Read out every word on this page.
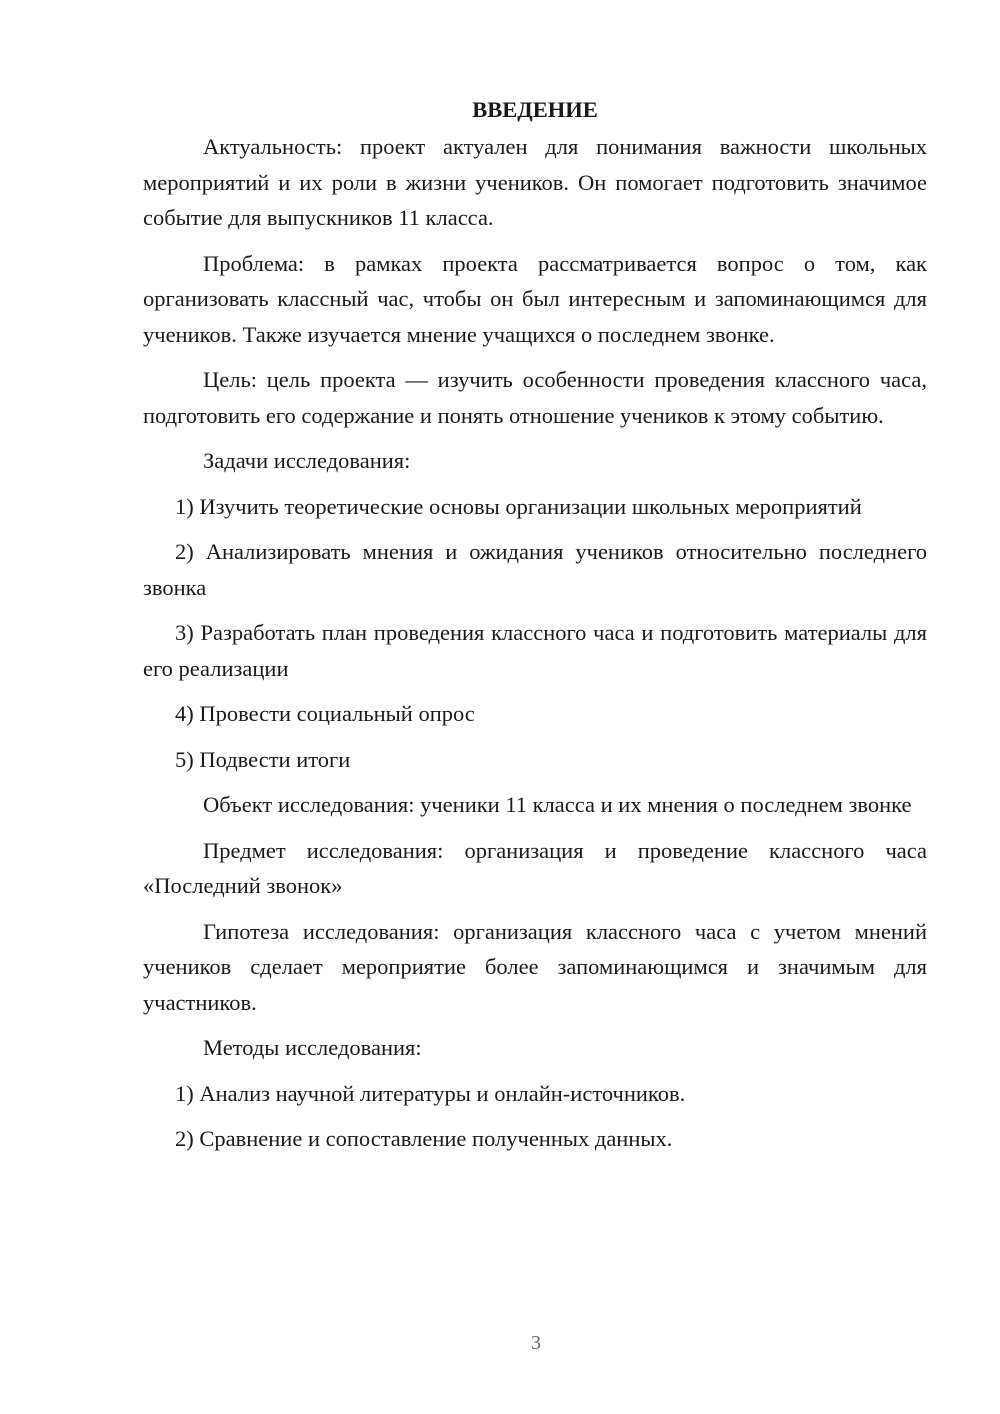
ВВЕДЕНИЕ

Актуальность: проект актуален для понимания важности школьных мероприятий и их роли в жизни учеников. Он помогает подготовить значимое событие для выпускников 11 класса.

Проблема: в рамках проекта рассматривается вопрос о том, как организовать классный час, чтобы он был интересным и запоминающимся для учеников. Также изучается мнение учащихся о последнем звонке.

Цель: цель проекта — изучить особенности проведения классного часа, подготовить его содержание и понять отношение учеников к этому событию.

Задачи исследования:

1) Изучить теоретические основы организации школьных мероприятий

2) Анализировать мнения и ожидания учеников относительно последнего звонка

3) Разработать план проведения классного часа и подготовить материалы для его реализации

4) Провести социальный опрос

5) Подвести итоги

Объект исследования: ученики 11 класса и их мнения о последнем звонке

Предмет исследования: организация и проведение классного часа «Последний звонок»

Гипотеза исследования: организация классного часа с учетом мнений учеников сделает мероприятие более запоминающимся и значимым для участников.

Методы исследования:

1) Анализ научной литературы и онлайн-источников.

2) Сравнение и сопоставление полученных данных.

3
